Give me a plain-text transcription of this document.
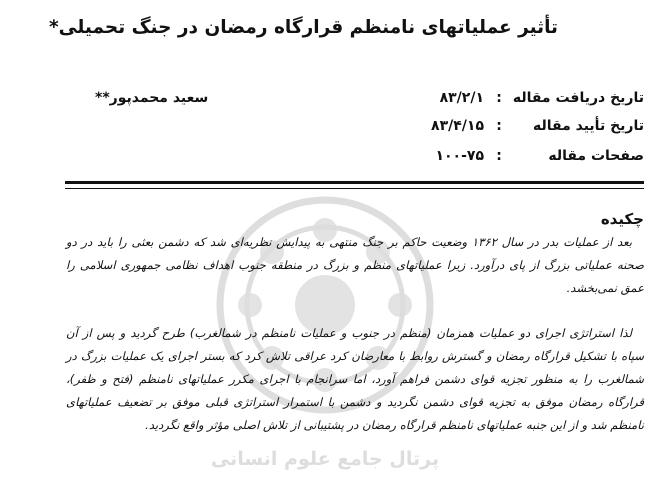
پرتال جامع علوم انسانی
تأثیر عملیاتهای نامنظم قرارگاه رمضان در جنگ تحمیلی*
سعید محمدپور**	تاریخ دریافت مقاله:۸۳/۲/۱
تاریخ تأیید مقاله:۸۳/۴/۱۵
صفحات مقاله:۱۰۰-۷۵
چکیده
بعد از عملیات بدر در سال ۱۳۶۲ وضعیت حاکم بر جنگ منتهی به پیدایش نظریه‌ای شد که دشمن بعثی را باید در دو صحنه عملیاتی بزرگ از پای درآورد. زیرا عملیاتهای منظم و بزرگ در منطقه جنوب اهداف نظامی جمهوری اسلامی را عمق نمی‌بخشد.
لذا استراتژی اجرای دو عملیات همزمان (منظم در جنوب و عملیات نامنظم در شمالغرب) طرح گردید و پس از آن سپاه با تشکیل قرارگاه رمضان و گسترش روابط با معارضان کرد عراقی تلاش کرد که بستر اجرای یک عملیات بزرگ در شمالغرب را به منظور تجزیه قوای دشمن فراهم آورد، اما سرانجام با اجرای مکرر عملیاتهای نامنظم (فتح و ظفر)، قرارگاه رمضان موفق به تجزیه قوای دشمن نگردید و دشمن با استمرار استراتژی قبلی موفق بر تضعیف عملیاتهای نامنظم شد و از این جنبه عملیاتهای نامنظم قرارگاه رمضان در پشتیبانی از تلاش اصلی مؤثر واقع نگردید.
